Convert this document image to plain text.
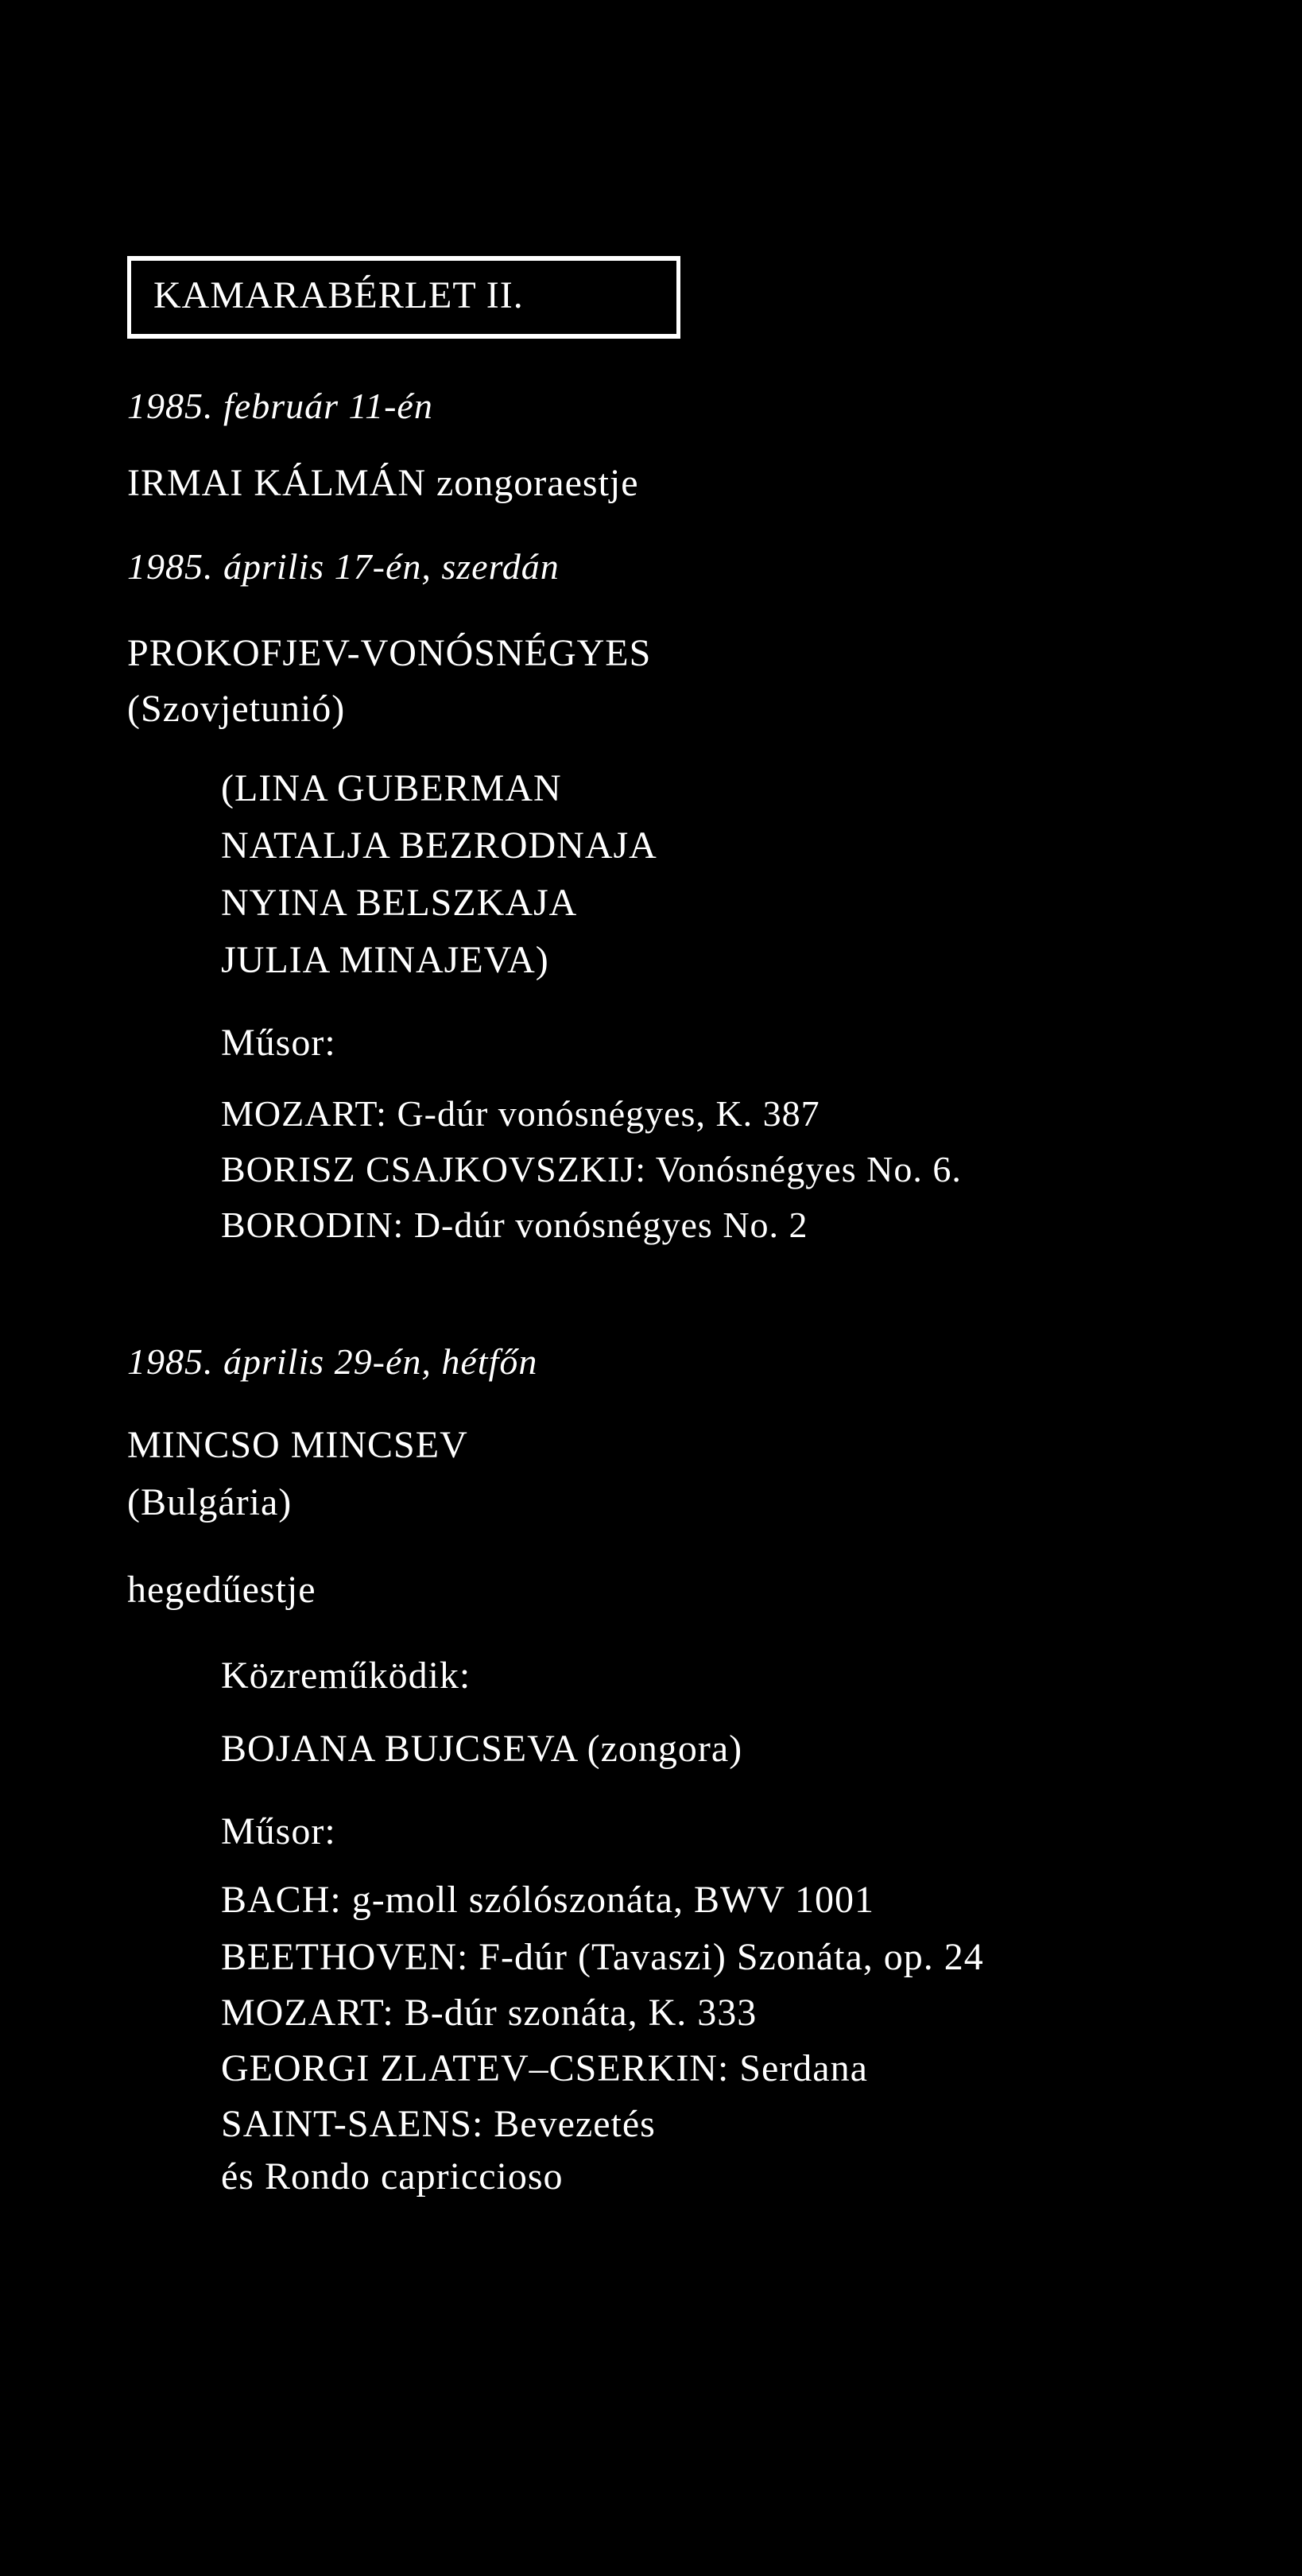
KAMARABÉRLET II.
1985. február 11-én
IRMAI KÁLMÁN zongoraestje
1985. április 17-én, szerdán
PROKOFJEV-VONÓSNÉGYES
(Szovjetunió)
(LINA GUBERMAN
NATALJA BEZRODNAJA
NYINA BELSZKAJA
JULIA MINAJEVA)
Műsor:
MOZART: G-dúr vonósnégyes, K. 387
BORISZ CSAJKOVSZKIJ: Vonósnégyes No. 6.
BORODIN: D-dúr vonósnégyes No. 2
1985. április 29-én, hétfőn
MINCSO MINCSEV
(Bulgária)
hegedűestje
Közreműködik:
BOJANA BUJCSEVA (zongora)
Műsor:
BACH: g-moll szólószonáta, BWV 1001
BEETHOVEN: F-dúr (Tavaszi) Szonáta, op. 24
MOZART: B-dúr szonáta, K. 333
GEORGI ZLATEV–CSERKIN: Serdana
SAINT-SAENS: Bevezetés
és Rondo capriccioso
